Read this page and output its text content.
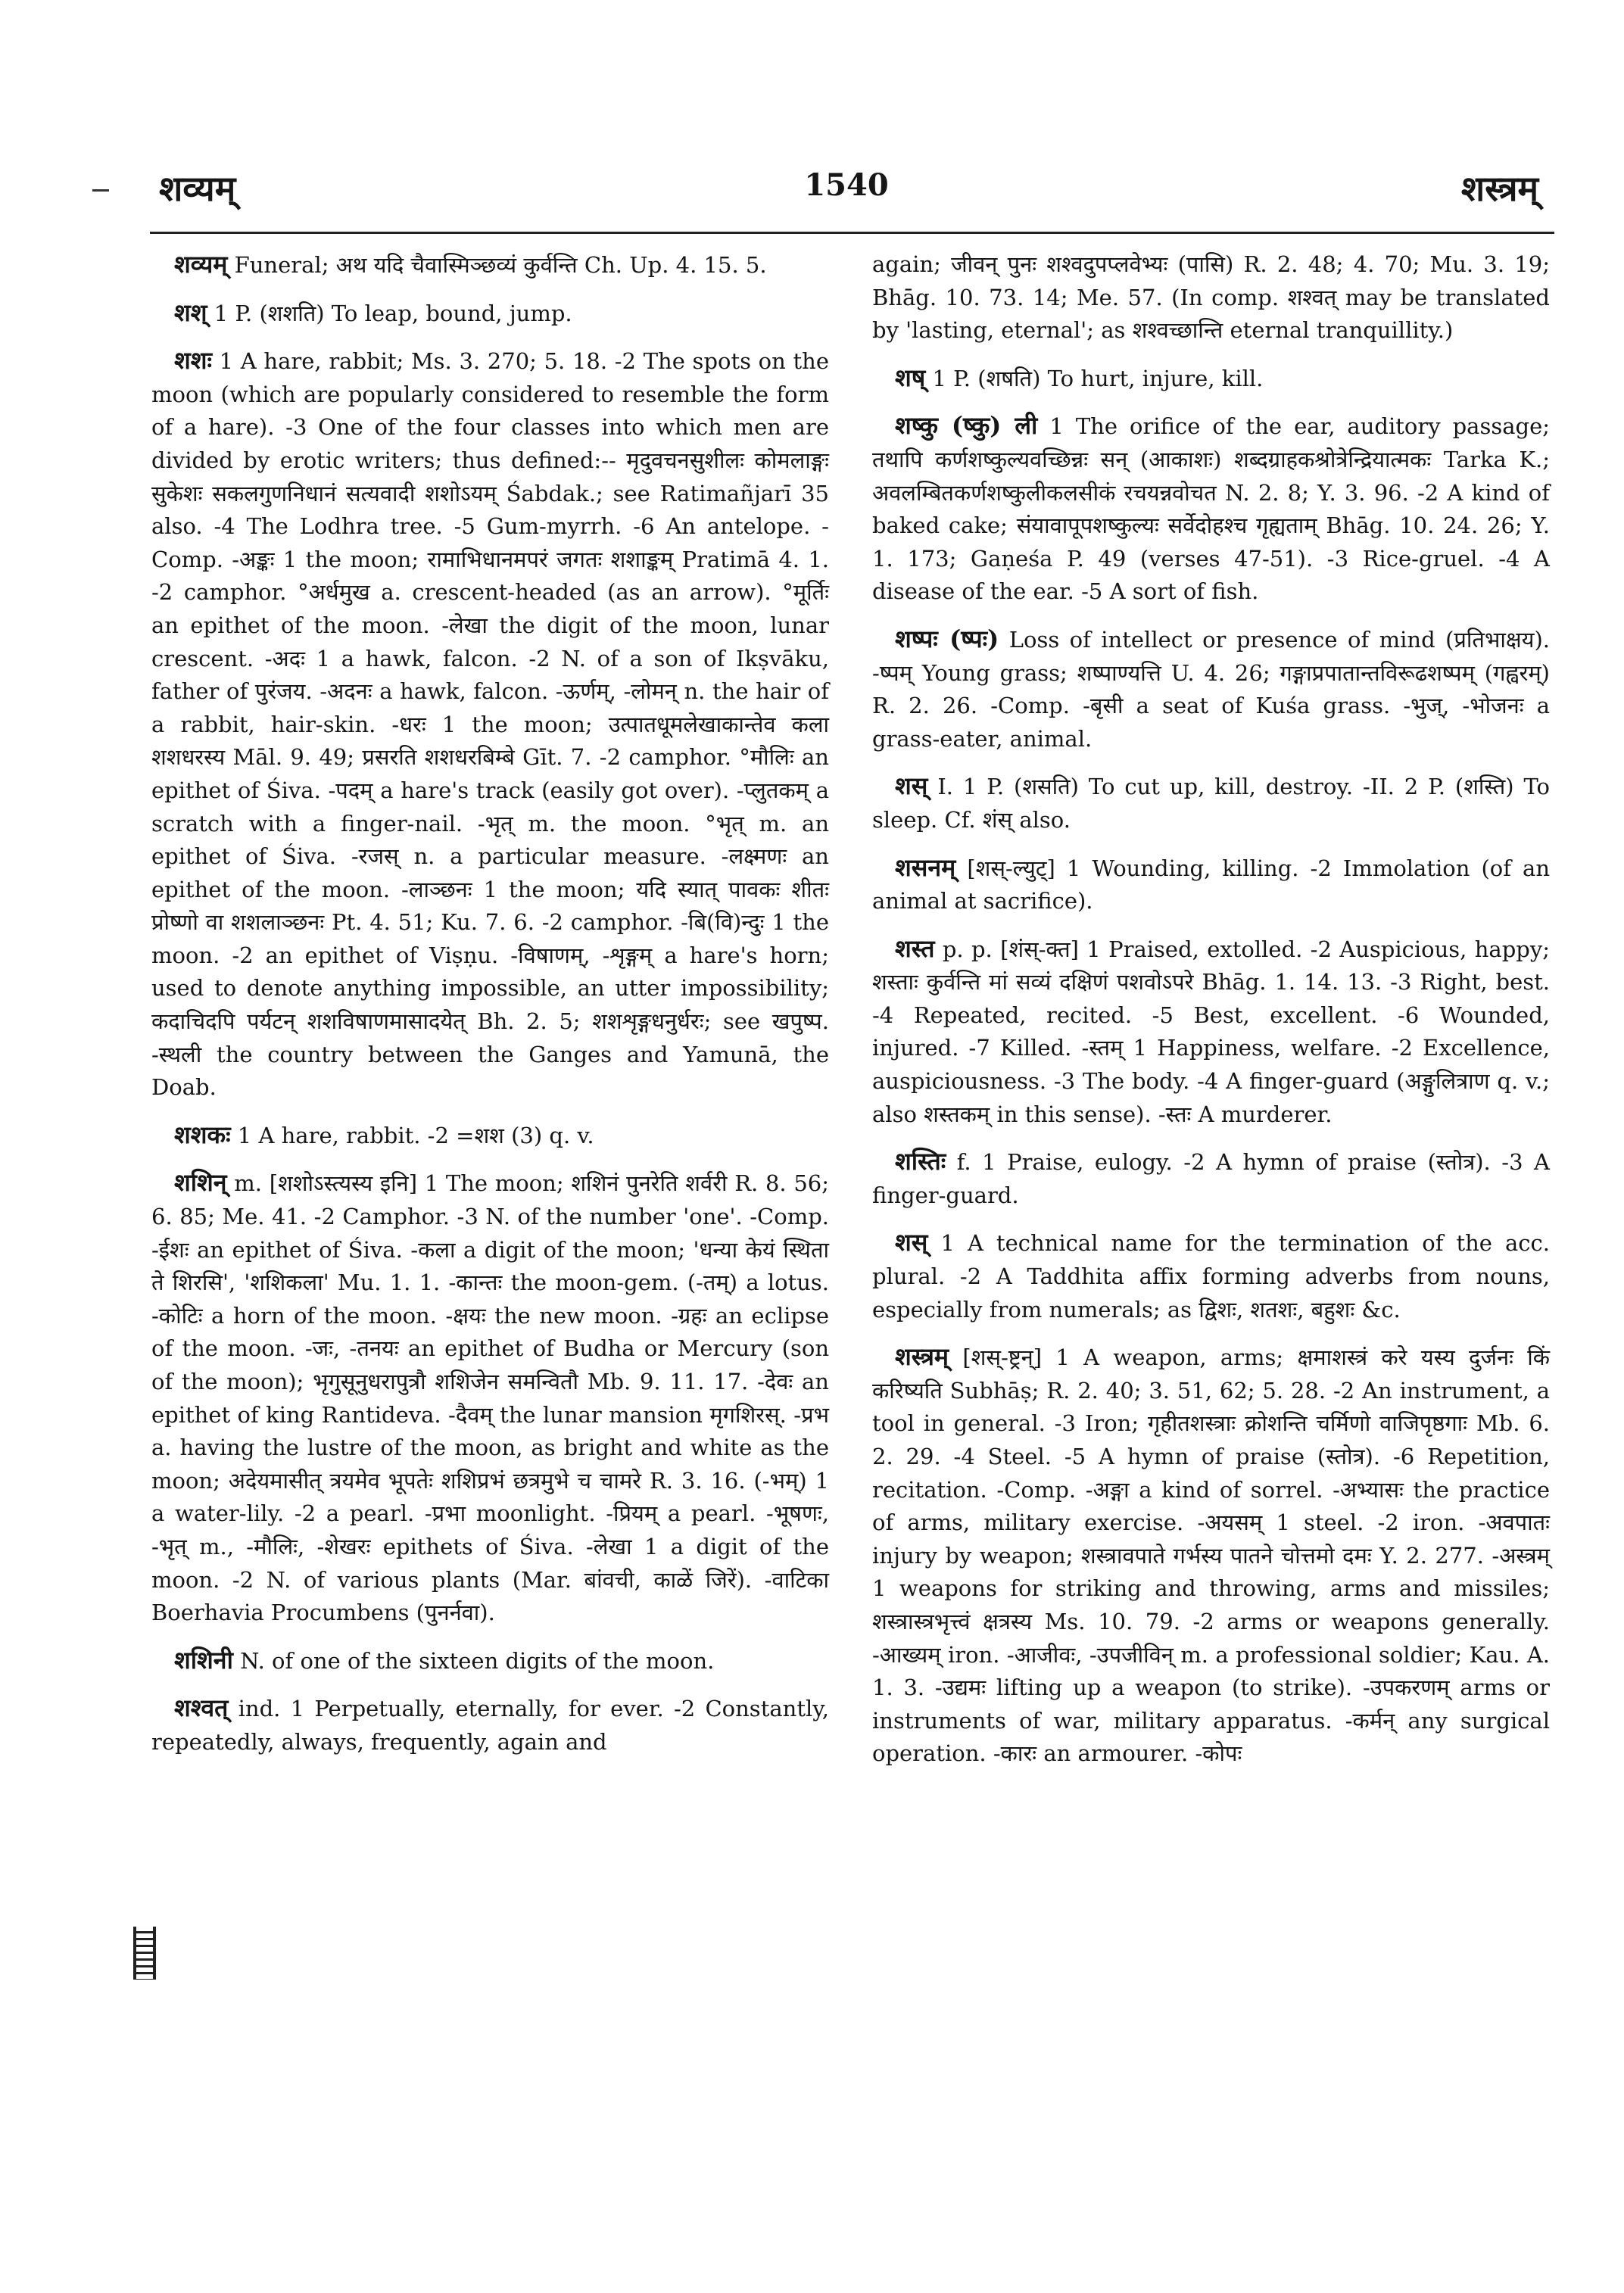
शव्यम्	1540	शस्त्रम्

शव्यम् Funeral; अथ यदि चैवास्मिञ्छव्यं कुर्वन्ति Ch. Up. 4. 15. 5.

शश् 1 P. (शशति) To leap, bound, jump.

शशः 1 A hare, rabbit; Ms. 3. 270; 5. 18. -2 The spots on the moon (which are popularly considered to resemble the form of a hare). -3 One of the four classes into which men are divided by erotic writers; thus defined:-- मृदुवचनसुशीलः कोमलाङ्गः सुकेशः सकलगुणनिधानं सत्यवादी शशोऽयम् Śabdak.; see Ratimañjarī 35 also. -4 The Lodhra tree. -5 Gum-myrrh. -6 An antelope. -Comp. -अङ्कः 1 the moon; रामाभिधानमपरं जगतः शशाङ्कम् Pratimā 4. 1. -2 camphor. °अर्धमुख a. crescent-headed (as an arrow). °मूर्तिः an epithet of the moon. -लेखा the digit of the moon, lunar crescent. -अदः 1 a hawk, falcon. -2 N. of a son of Ikṣvāku, father of पुरंजय. -अदनः a hawk, falcon. -ऊर्णम्, -लोमन् n. the hair of a rabbit, hair-skin. -धरः 1 the moon; उत्पातधूमलेखाकान्तेव कला शशधरस्य Māl. 9. 49; प्रसरति शशधरबिम्बे Gīt. 7. -2 camphor. °मौलिः an epithet of Śiva. -पदम् a hare's track (easily got over). -प्लुतकम् a scratch with a finger-nail. -भृत् m. the moon. °भृत् m. an epithet of Śiva. -रजस् n. a particular measure. -लक्ष्मणः an epithet of the moon. -लाञ्छनः 1 the moon; यदि स्यात् पावकः शीतः प्रोष्णो वा शशलाञ्छनः Pt. 4. 51; Ku. 7. 6. -2 camphor. -बि(वि)न्दुः 1 the moon. -2 an epithet of Viṣṇu. -विषाणम्, -शृङ्गम् a hare's horn; used to denote anything impossible, an utter impossibility; कदाचिदपि पर्यटन् शशविषाणमासादयेत् Bh. 2. 5; शशशृङ्गधनुर्धरः; see खपुष्प. -स्थली the country between the Ganges and Yamunā, the Doab.

शशकः 1 A hare, rabbit. -2 =शश (3) q. v.

शशिन् m. [शशोऽस्त्यस्य इनि] 1 The moon; शशिनं पुनरेति शर्वरी R. 8. 56; 6. 85; Me. 41. -2 Camphor. -3 N. of the number 'one'. -Comp. -ईशः an epithet of Śiva. -कला a digit of the moon; 'धन्या केयं स्थिता ते शिरसि', 'शशिकला' Mu. 1. 1. -कान्तः the moon-gem. (-तम्) a lotus. -कोटिः a horn of the moon. -क्षयः the new moon. -ग्रहः an eclipse of the moon. -जः, -तनयः an epithet of Budha or Mercury (son of the moon); भृगुसूनुधरापुत्रौ शशिजेन समन्वितौ Mb. 9. 11. 17. -देवः an epithet of king Rantideva. -दैवम् the lunar mansion मृगशिरस्. -प्रभ a. having the lustre of the moon, as bright and white as the moon; अदेयमासीत् त्रयमेव भूपतेः शशिप्रभं छत्रमुभे च चामरे R. 3. 16. (-भम्) 1 a water-lily. -2 a pearl. -प्रभा moonlight. -प्रियम् a pearl. -भूषणः, -भृत् m., -मौलिः, -शेखरः epithets of Śiva. -लेखा 1 a digit of the moon. -2 N. of various plants (Mar. बांवची, काळें जिरें). -वाटिका Boerhavia Procumbens (पुनर्नवा).

शशिनी N. of one of the sixteen digits of the moon.

शश्वत् ind. 1 Perpetually, eternally, for ever. -2 Constantly, repeatedly, always, frequently, again and

again; जीवन् पुनः शश्वदुपप्लवेभ्यः (पासि) R. 2. 48; 4. 70; Mu. 3. 19; Bhāg. 10. 73. 14; Me. 57. (In comp. शश्वत् may be translated by 'lasting, eternal'; as शश्वच्छान्ति eternal tranquillity.)

शष् 1 P. (शषति) To hurt, injure, kill.

शष्कु (ष्कु) ली 1 The orifice of the ear, auditory passage; तथापि कर्णशष्कुल्यवच्छिन्नः सन् (आकाशः) शब्दग्राहकश्रोत्रेन्द्रियात्मकः Tarka K.; अवलम्बितकर्णशष्कुलीकलसीकं रचयन्नवोचत N. 2. 8; Y. 3. 96. -2 A kind of baked cake; संयावापूपशष्कुल्यः सर्वेदोहश्च गृह्यताम् Bhāg. 10. 24. 26; Y. 1. 173; Gaṇeśa P. 49 (verses 47-51). -3 Rice-gruel. -4 A disease of the ear. -5 A sort of fish.

शष्पः (ष्पः) Loss of intellect or presence of mind (प्रतिभाक्षय). -ष्पम् Young grass; शष्पाण्यत्ति U. 4. 26; गङ्गाप्रपातान्तविरूढशष्पम् (गह्वरम्) R. 2. 26. -Comp. -बृसी a seat of Kuśa grass. -भुज्, -भोजनः a grass-eater, animal.

शस् I. 1 P. (शसति) To cut up, kill, destroy. -II. 2 P. (शस्ति) To sleep. Cf. शंस् also.

शसनम् [शस्-ल्युट्] 1 Wounding, killing. -2 Immolation (of an animal at sacrifice).

शस्त p. p. [शंस्-क्त] 1 Praised, extolled. -2 Auspicious, happy; शस्ताः कुर्वन्ति मां सव्यं दक्षिणं पशवोऽपरे Bhāg. 1. 14. 13. -3 Right, best. -4 Repeated, recited. -5 Best, excellent. -6 Wounded, injured. -7 Killed. -स्तम् 1 Happiness, welfare. -2 Excellence, auspiciousness. -3 The body. -4 A finger-guard (अङ्गुलित्राण q. v.; also शस्तकम् in this sense). -स्तः A murderer.

शस्तिः f. 1 Praise, eulogy. -2 A hymn of praise (स्तोत्र). -3 A finger-guard.

शस् 1 A technical name for the termination of the acc. plural. -2 A Taddhita affix forming adverbs from nouns, especially from numerals; as द्विशः, शतशः, बहुशः &c.

शस्त्रम् [शस्-ष्ट्रन्] 1 A weapon, arms; क्षमाशस्त्रं करे यस्य दुर्जनः किं करिष्यति Subhāṣ; R. 2. 40; 3. 51, 62; 5. 28. -2 An instrument, a tool in general. -3 Iron; गृहीतशस्त्राः क्रोशन्ति चर्मिणो वाजिपृष्ठगाः Mb. 6. 2. 29. -4 Steel. -5 A hymn of praise (स्तोत्र). -6 Repetition, recitation. -Comp. -अङ्गा a kind of sorrel. -अभ्यासः the practice of arms, military exercise. -अयसम् 1 steel. -2 iron. -अवपातः injury by weapon; शस्त्रावपाते गर्भस्य पातने चोत्तमो दमः Y. 2. 277. -अस्त्रम् 1 weapons for striking and throwing, arms and missiles; शस्त्रास्त्रभृत्त्वं क्षत्रस्य Ms. 10. 79. -2 arms or weapons generally. -आख्यम् iron. -आजीवः, -उपजीविन् m. a professional soldier; Kau. A. 1. 3. -उद्यमः lifting up a weapon (to strike). -उपकरणम् arms or instruments of war, military apparatus. -कर्मन् any surgical operation. -कारः an armourer. -कोपः
